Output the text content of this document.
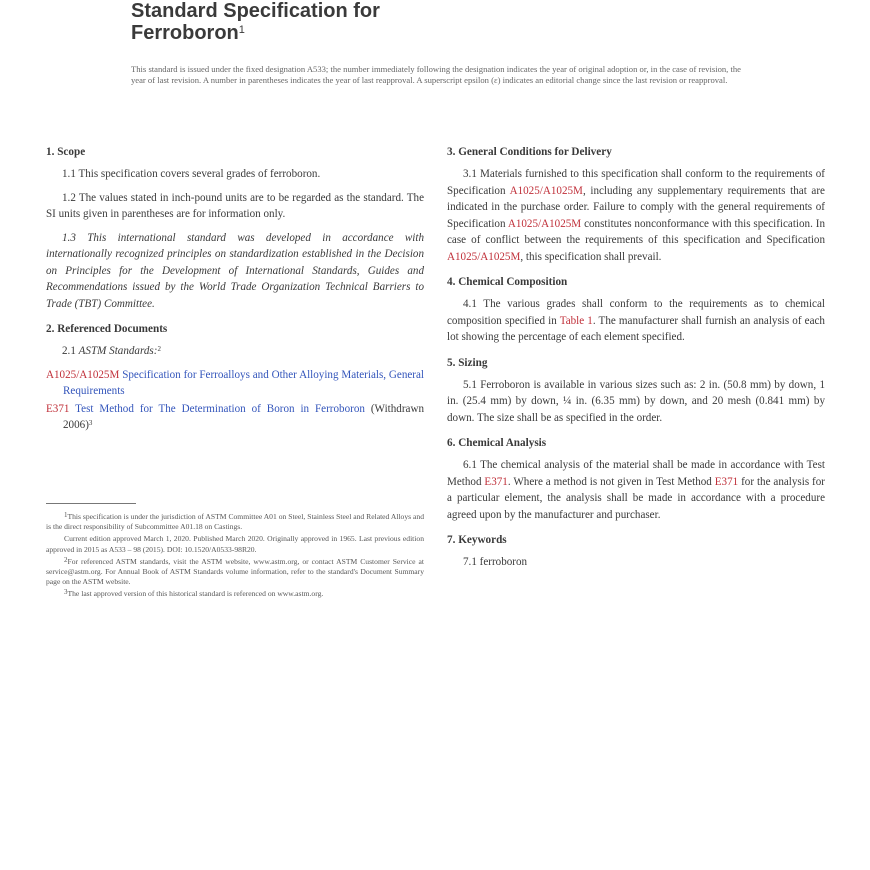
Standard Specification for
Ferroboron$^1$
This standard is issued under the fixed designation A533; the number immediately following the designation indicates the year of original adoption or, in the case of revision, the year of last revision. A number in parentheses indicates the year of last reapproval. A superscript epsilon (ε) indicates an editorial change since the last revision or reapproval.
1. Scope

1.1 This specification covers several grades of ferroboron.

1.2 The values stated in inch-pound units are to be regarded as the standard. The SI units given in parentheses are for information only.

1.3 This international standard was developed in accordance with internationally recognized principles on standardization established in the Decision on Principles for the Development of International Standards, Guides and Recommendations issued by the World Trade Organization Technical Barriers to Trade (TBT) Committee.

2. Referenced Documents

2.1 ASTM Standards:$^2$

A1025/A1025M Specification for Ferroalloys and Other Alloying Materials, General Requirements
E371 Test Method for The Determination of Boron in Ferroboron (Withdrawn 2006)$^3$

$^1$This specification is under the jurisdiction of ASTM Committee A01 on Steel, Stainless Steel and Related Alloys and is the direct responsibility of Subcommittee A01.18 on Castings.

Current edition approved March 1, 2020. Published March 2020. Originally approved in 1965. Last previous edition approved in 2015 as A533 – 98 (2015). DOI: 10.1520/A0533-98R20.

$^2$For referenced ASTM standards, visit the ASTM website, www.astm.org, or contact ASTM Customer Service at service@astm.org. For Annual Book of ASTM Standards volume information, refer to the standard's Document Summary page on the ASTM website.

$^3$The last approved version of this historical standard is referenced on www.astm.org.

3. General Conditions for Delivery

3.1 Materials furnished to this specification shall conform to the requirements of Specification A1025/A1025M, including any supplementary requirements that are indicated in the purchase order. Failure to comply with the general requirements of Specification A1025/A1025M constitutes nonconformance with this specification. In case of conflict between the requirements of this specification and Specification A1025/A1025M, this specification shall prevail.

4. Chemical Composition

4.1 The various grades shall conform to the requirements as to chemical composition specified in Table 1. The manufacturer shall furnish an analysis of each lot showing the percentage of each element specified.

5. Sizing

5.1 Ferroboron is available in various sizes such as: 2 in. (50.8 mm) by down, 1 in. (25.4 mm) by down, ¼ in. (6.35 mm) by down, and 20 mesh (0.841 mm) by down. The size shall be as specified in the order.

6. Chemical Analysis

6.1 The chemical analysis of the material shall be made in accordance with Test Method E371. Where a method is not given in Test Method E371 for the analysis for a particular element, the analysis shall be made in accordance with a procedure agreed upon by the manufacturer and purchaser.

7. Keywords

7.1 ferroboron
